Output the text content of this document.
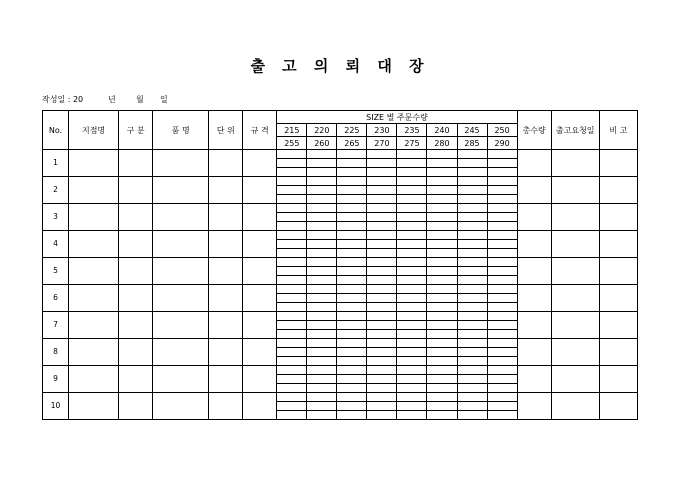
출 고 의 뢰 대 장
작성일 : 20	년	월 일
No.	지점명	구 분	품 명	단 위	규 격	SIZE 별 주문수량								총수량	출고요청일	비 고
						215	220	225	230	235	240	245	250			
						255	260	265	270	275	280	285	290			
1																

2																

3																

4																

5																

6																

7																

8																

9																

10																
